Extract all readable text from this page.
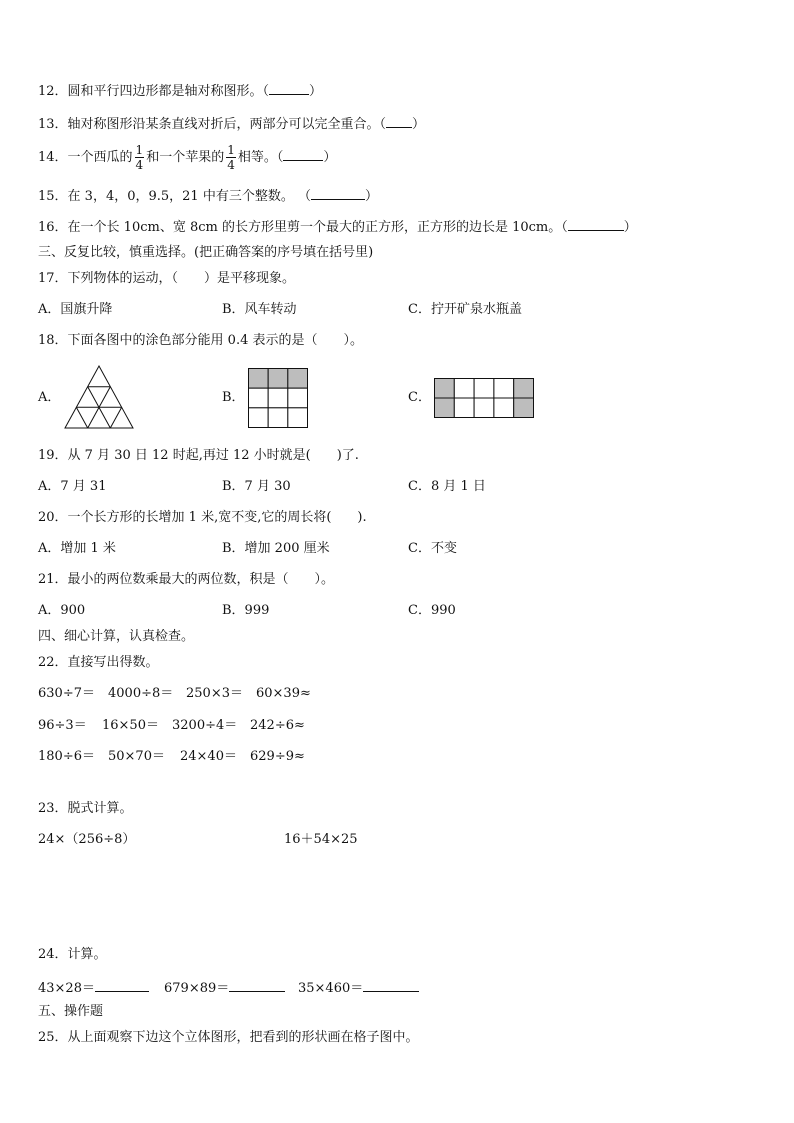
12．圆和平行四边形都是轴对称图形。（	）
13．轴对称图形沿某条直线对折后，两部分可以完全重合。（ ）
14．一个西瓜的 $\frac{1}{4}$ 和一个苹果的 $\frac{1}{4}$ 相等。（	）
15．在 3，4，0，9.5，21 中有三个整数。 （	）
16．在一个长 10cm、宽 8cm 的长方形里剪一个最大的正方形，正方形的边长是 10cm。（	）
三、反复比较，慎重选择。(把正确答案的序号填在括号里)
17．下列物体的运动，（　　）是平移现象。
A．国旗升降	B．风车转动	C．拧开矿泉水瓶盖
18．下面各图中的涂色部分能用 0.4 表示的是（　　）。
A．	B．	C．
19．从 7 月 30 日 12 时起,再过 12 小时就是(　　)了.
A．7 月 31	B．7 月 30	C．8 月 1 日
20．一个长方形的长增加 1 米,宽不变,它的周长将(　　).
A．增加 1 米	B．增加 200 厘米	C．不变
21．最小的两位数乘最大的两位数，积是（　　）。
A．900	B．999	C．990
四、细心计算，认真检查。
22．直接写出得数。
630÷7＝ 4000÷8＝ 250×3＝ 60×39≈
96÷3＝ 16×50＝ 3200÷4＝ 242÷6≈
180÷6＝ 50×70＝ 24×40＝ 629÷9≈
23．脱式计算。
24×（256÷8）	16＋54×25
24．计算。
43×28＝	679×89＝	35×460＝
五、操作题
25．从上面观察下边这个立体图形，把看到的形状画在格子图中。
